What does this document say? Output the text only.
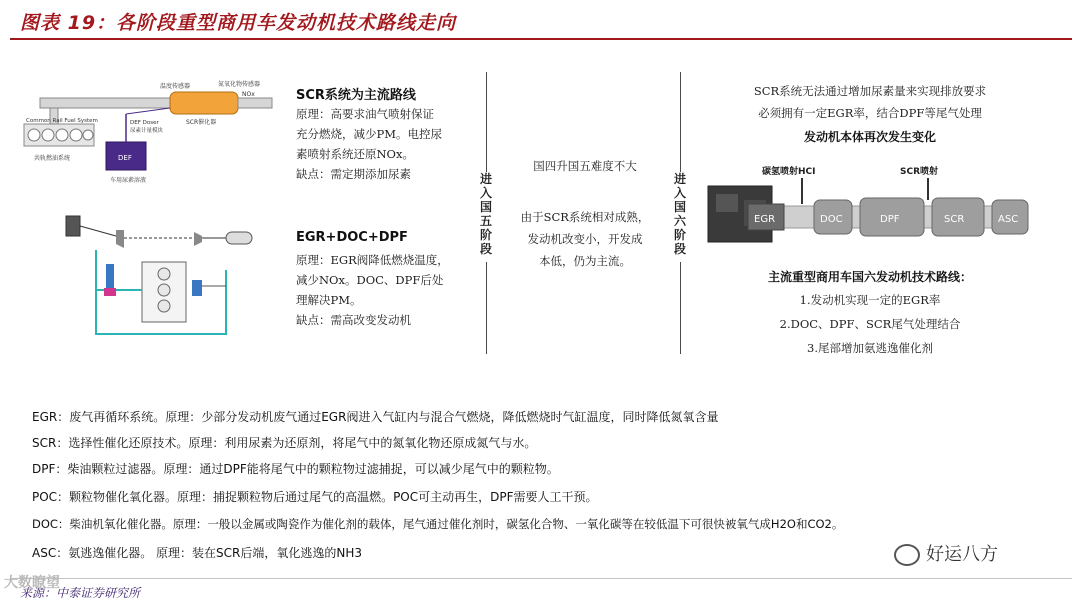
图表 19：各阶段重型商用车发动机技术路线走向
温度传感器	氮氧化物传感器
NOx
Common Rail Fuel System	DEF Doser
尿素计量模块
SCR催化器
DEF
车用尿素溶液
共轨燃油系统
SCR系统为主流路线
原理：高要求油气喷射保证
充分燃烧，减少PM。电控尿
素喷射系统还原NOx。
缺点：需定期添加尿素
EGR+DOC+DPF
原理：EGR阀降低燃烧温度，
减少NOx。DOC、DPF后处
理解决PM。
缺点：需高改变发动机
进入国五阶段
国四升国五难度不大
由于SCR系统相对成熟，
发动机改变小，开发成
本低，仍为主流。
进入国六阶段
SCR系统无法通过增加尿素量来实现排放要求
必须拥有一定EGR率，结合DPF等尾气处理
发动机本体再次发生变化
碳氢喷射HCI	SCR喷射
EGR	DOC	DPF	SCR	ASC
主流重型商用车国六发动机技术路线：
1.发动机实现一定的EGR率
2.DOC、DPF、SCR尾气处理结合
3.尾部增加氨逃逸催化剂
EGR：废气再循环系统。原理：少部分发动机废气通过EGR阀进入气缸内与混合气燃烧，降低燃烧时气缸温度，同时降低氮氧含量
SCR：选择性催化还原技术。原理：利用尿素为还原剂，将尾气中的氮氧化物还原成氮气与水。
DPF：柴油颗粒过滤器。原理：通过DPF能将尾气中的颗粒物过滤捕捉，可以减少尾气中的颗粒物。
POC：颗粒物催化氧化器。原理：捕捉颗粒物后通过尾气的高温燃。POC可主动再生，DPF需要人工干预。
DOC：柴油机氧化催化器。原理：一般以金属或陶瓷作为催化剂的载体，尾气通过催化剂时，碳氢化合物、一氧化碳等在较低温下可很快被氧气成H2O和CO2。
ASC：氨逃逸催化器。 原理：装在SCR后端，氧化逃逸的NH3	好运八方
来源：中泰证券研究所
大数瞭望
